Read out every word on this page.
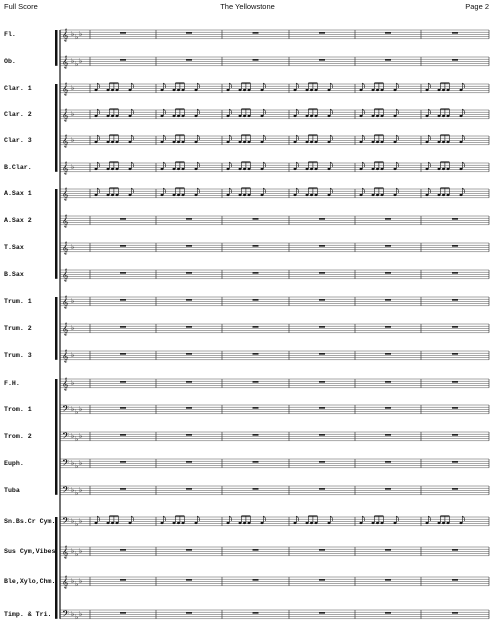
Full Score	The Yellowstone	Page 2
𝄞 ♭ ♭ ♭
𝄞 ♭ ♭ ♭
𝄞 ♭
𝄞 ♭
𝄞 ♭
𝄞 ♭
𝄞
𝄞
𝄞 ♭
𝄞
𝄞 ♭
𝄞 ♭
𝄞 ♭
𝄞 ♭
𝄢 ♭ ♭ ♭
𝄢 ♭ ♭ ♭
𝄢 ♭ ♭ ♭
𝄢 ♭ ♭ ♭
𝄢 ♭ ♭ ♭
𝄞 ♭ ♭ ♭
𝄞 ♭ ♭ ♭
𝄢 ♭ ♭ ♭
Fl.
Ob.
Clar. 1
Clar. 2
Clar. 3
B.Clar.
A.Sax 1
A.Sax 2
T.Sax
B.Sax
Trum. 1
Trum. 2
Trum. 3
F.H.
Trom. 1
Trom. 2
Euph.
Tuba
Sn.Bs.Cr Cym.
Sus Cym,Vibes
Ble,Xylo,Chm.
Timp. & Tri.
